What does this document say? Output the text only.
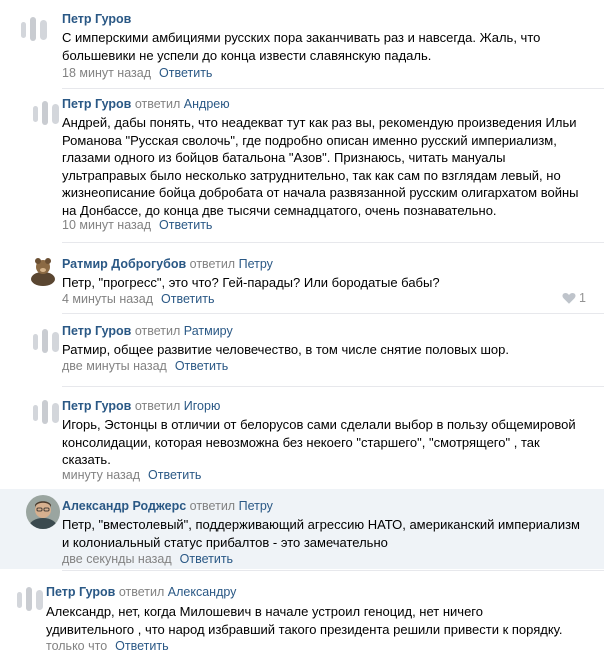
Петр Гуров
С имперскими амбициями русских пора заканчивать раз и навсегда. Жаль, что
большевики не успели до конца извести славянскую падаль.
18 минут назад Ответить
Петр Гуров ответил Андрею
Андрей, дабы понять, что неадекват тут как раз вы, рекомендую произведения Ильи
Романова "Русская сволочь", где подробно описан именно русский империализм,
глазами одного из бойцов батальона "Азов". Признаюсь, читать мануалы
ультраправых было несколько затруднительно, так как сам по взглядам левый, но
жизнеописание бойца добробата от начала развязанной русским олигархатом войны
на Донбассе, до конца две тысячи семнадцатого, очень познавательно.
10 минут назад Ответить
Ратмир Доброгубов ответил Петру
Петр, "прогресс", это что? Гей-парады? Или бородатые бабы?
4 минуты назад Ответить	1
Петр Гуров ответил Ратмиру
Ратмир, общее развитие человечество, в том числе снятие половых шор.
две минуты назад Ответить
Петр Гуров ответил Игорю
Игорь, Эстонцы в отличии от белорусов сами сделали выбор в пользу общемировой
консолидации, которая невозможна без некоего "старшего", "смотрящего" , так
сказать.
минуту назад Ответить
Александр Роджерс ответил Петру
Петр, "вместолевый", поддерживающий агрессию НАТО, американский империализм
и колониальный статус прибалтов - это замечательно
две секунды назад Ответить
Петр Гуров ответил Александру
Александр, нет, когда Милошевич в начале устроил геноцид, нет ничего
удивительного , что народ избравший такого президента решили привести к порядку.
только что Ответить
